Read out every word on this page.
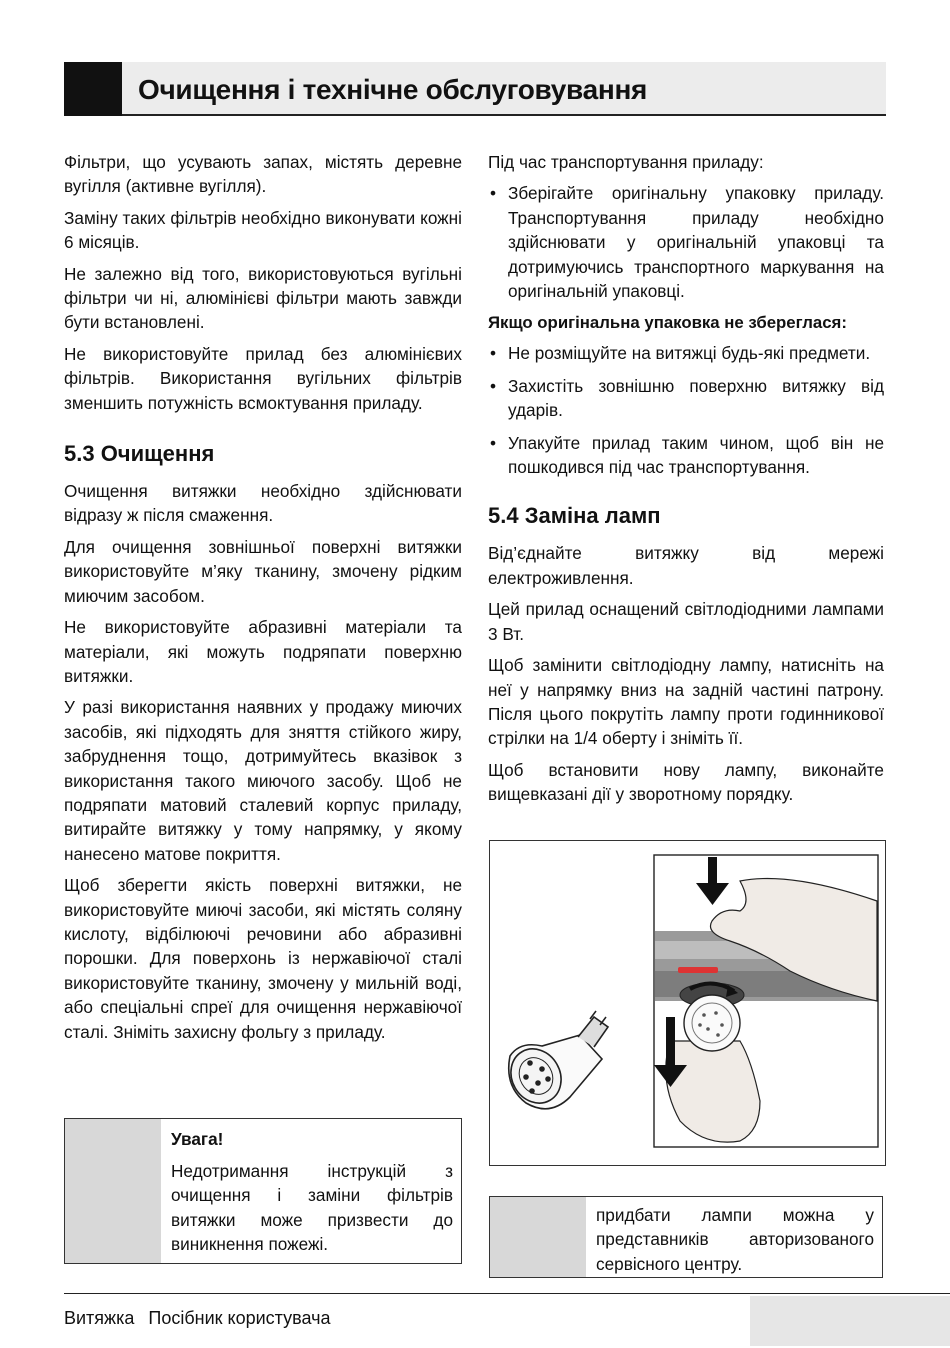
Очищення і технічне обслуговування

Фільтри, що усувають запах, містять деревне вугілля (активне вугілля).

Заміну таких фільтрів необхідно виконувати кожні 6 місяців.

Не залежно від того, використовуються вугільні фільтри чи ні, алюмінієві фільтри мають завжди бути встановлені.

Не використовуйте прилад без алюмінієвих фільтрів. Використання вугільних фільтрів зменшить потужність всмоктування приладу.

5.3 Очищення

Очищення витяжки необхідно здійснювати відразу ж після смаження.

Для очищення зовнішньої поверхні витяжки використовуйте м’яку тканину, змочену рідким миючим засобом.

Не використовуйте абразивні матеріали та матеріали, які можуть подряпати поверхню витяжки.

У разі використання наявних у продажу миючих засобів, які підходять для зняття стійкого жиру, забруднення тощо, дотримуйтесь вказівок з використання такого миючого засобу. Щоб не подряпати матовий сталевий корпус приладу, витирайте витяжку у тому напрямку, у якому нанесено матове покриття.

Щоб зберегти якість поверхні витяжки, не використовуйте миючі засоби, які містять соляну кислоту, відбілюючі речовини або абразивні порошки. Для поверхонь із нержавіючої сталі використовуйте тканину, змочену у мильній воді, або спеціальні спреї для очищення нержавіючої сталі. Зніміть захисну фольгу з приладу.

Увага!
Недотримання інструкцій з очищення і заміни фільтрів витяжки може призвести до виникнення пожежі.

Під час транспортування приладу:

• Зберігайте оригінальну упаковку приладу. Транспортування приладу необхідно здійснювати у оригінальній упаковці та дотримуючись транспортного маркування на оригінальній упаковці.
Якщо оригінальна упаковка не збереглася:
• Не розміщуйте на витяжці будь-які предмети.
• Захистіть зовнішню поверхню витяжку від ударів.
• Упакуйте прилад таким чином, щоб він не пошкодився під час транспортування.
5.4 Заміна ламп

Від’єднайте витяжку від мережі електроживлення.

Цей прилад оснащений світлодіодними лампами 3 Вт.

Щоб замінити світлодіодну лампу, натисніть на неї у напрямку вниз на задній частині патрону. Після цього покрутіть лампу проти годинникової стрілки на 1/4 оберту і зніміть її.

Щоб встановити нову лампу, виконайте вищевказані дії у зворотному порядку.

придбати лампи можна у представників авторизованого сервісного центру.
Витяжка Посібник користувача
